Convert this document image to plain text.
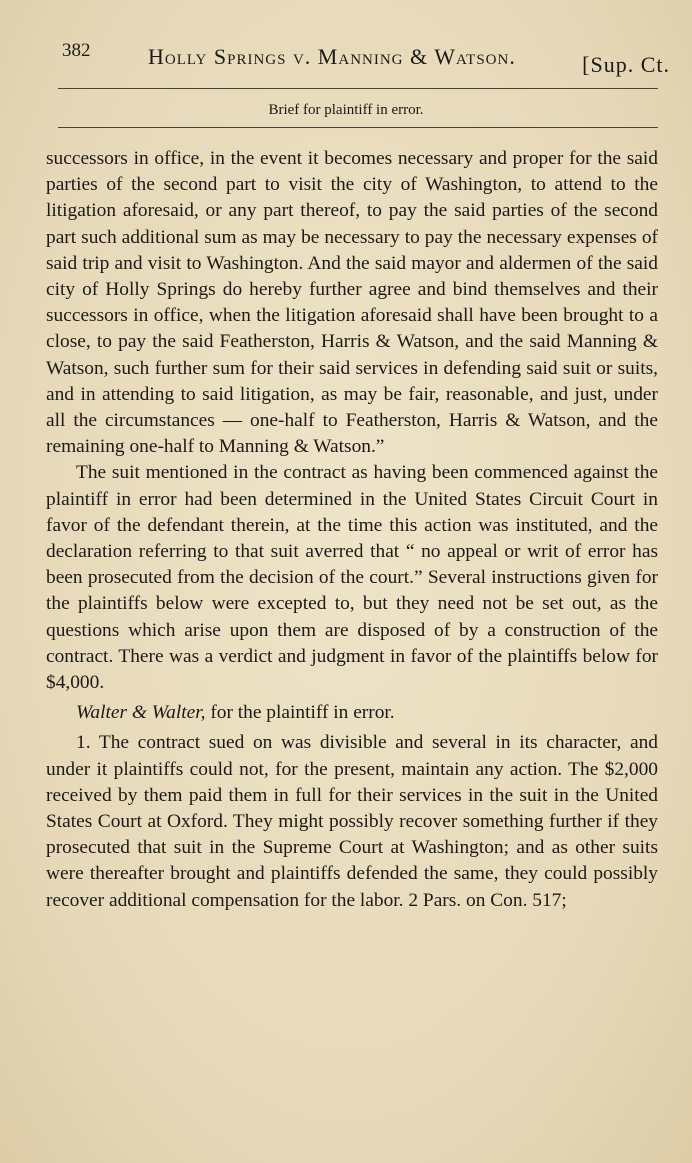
382	Holly Springs v. Manning & Watson.	[Sup. Ct.
Brief for plaintiff in error.

successors in office, in the event it becomes necessary and proper for the said parties of the second part to visit the city of Washington, to attend to the litigation aforesaid, or any part thereof, to pay the said parties of the second part such additional sum as may be necessary to pay the necessary expenses of said trip and visit to Washington. And the said mayor and aldermen of the said city of Holly Springs do hereby further agree and bind themselves and their successors in office, when the litigation aforesaid shall have been brought to a close, to pay the said Featherston, Harris & Watson, and the said Manning & Watson, such further sum for their said services in defending said suit or suits, and in attending to said litigation, as may be fair, reasonable, and just, under all the circumstances — one-half to Featherston, Harris & Watson, and the remaining one-half to Manning & Watson.”

The suit mentioned in the contract as having been commenced against the plaintiff in error had been determined in the United States Circuit Court in favor of the defendant therein, at the time this action was instituted, and the declaration referring to that suit averred that “ no appeal or writ of error has been prosecuted from the decision of the court.” Several instructions given for the plaintiffs below were excepted to, but they need not be set out, as the questions which arise upon them are disposed of by a construction of the contract. There was a verdict and judgment in favor of the plaintiffs below for $4,000.

Walter & Walter, for the plaintiff in error.

1. The contract sued on was divisible and several in its character, and under it plaintiffs could not, for the present, maintain any action. The $2,000 received by them paid them in full for their services in the suit in the United States Court at Oxford. They might possibly recover something further if they prosecuted that suit in the Supreme Court at Washington; and as other suits were thereafter brought and plaintiffs defended the same, they could possibly recover additional compensation for the labor. 2 Pars. on Con. 517;
